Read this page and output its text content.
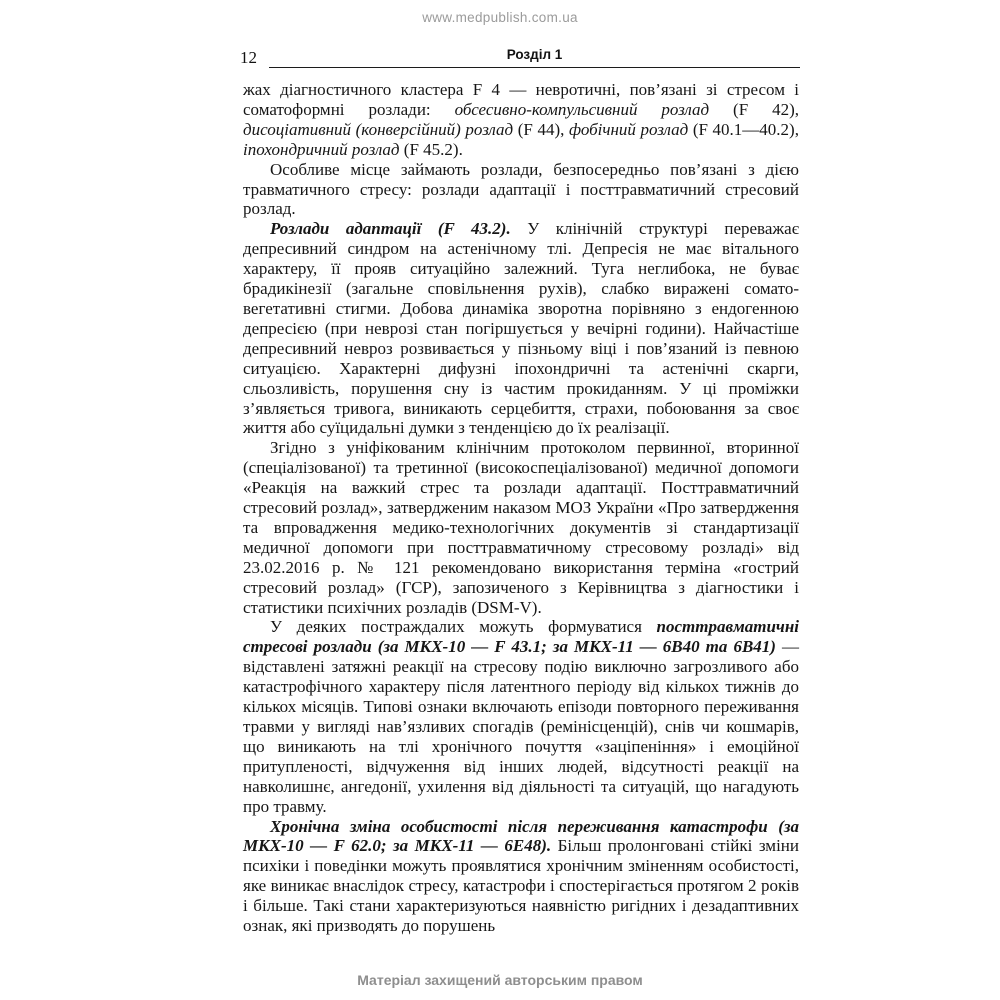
www.medpublish.com.ua
12	Розділ 1

жах діагностичного кластера F 4 — невротичні, пов’язані зі стресом і соматоформні розлади: обсесивно-компульсивний розлад (F 42), дисоціативний (конверсійний) розлад (F 44), фобічний розлад (F 40.1—40.2), іпохондричний розлад (F 45.2).

Особливе місце займають розлади, безпосередньо пов’язані з дією травматичного стресу: розлади адаптації і посттравматичний стресовий розлад.

Розлади адаптації (F 43.2). У клінічній структурі переважає депресивний синдром на астенічному тлі. Депресія не має вітального характеру, її прояв ситуаційно залежний. Туга неглибока, не буває брадикінезії (загальне сповільнення рухів), слабко виражені сомато-вегетативні стигми. Добова динаміка зворотна порівняно з ендогенною депресією (при неврозі стан погіршується у вечірні години). Найчастіше депресивний невроз розвивається у пізньому віці і пов’язаний із певною ситуацією. Характерні дифузні іпохондричні та астенічні скарги, сльозливість, порушення сну із частим прокиданням. У ці проміжки з’являється тривога, виникають серцебиття, страхи, побоювання за своє життя або суїцидальні думки з тенденцією до їх реалізації.

Згідно з уніфікованим клінічним протоколом первинної, вторинної (спеціалізованої) та третинної (високоспеціалізованої) медичної допомоги «Реакція на важкий стрес та розлади адаптації. Посттравматичний стресовий розлад», затвердженим наказом МОЗ України «Про затвердження та впровадження медико-технологічних документів зі стандартизації медичної допомоги при посттравматичному стресовому розладі» від 23.02.2016 р. № 121 рекомендовано використання терміна «гострий стресовий розлад» (ГСР), запозиченого з Керівництва з діагностики і статистики психічних розладів (DSM-V).

У деяких постраждалих можуть формуватися посттравматичні стресові розлади (за МКХ-10 — F 43.1; за МКХ-11 — 6B40 та 6B41) — відставлені затяжні реакції на стресову подію виключно загрозливого або катастрофічного характеру після латентного періоду від кількох тижнів до кількох місяців. Типові ознаки включають епізоди повторного переживання травми у вигляді нав’язливих спогадів (ремінісценцій), снів чи кошмарів, що виникають на тлі хронічного почуття «заціпеніння» і емоційної притупленості, відчуження від інших людей, відсутності реакції на навколишнє, ангедонії, ухилення від діяльності та ситуацій, що нагадують про травму.

Хронічна зміна особистості після переживання катастрофи (за МКХ-10 — F 62.0; за МКХ-11 — 6E48). Більш пролонговані стійкі зміни психіки і поведінки можуть проявлятися хронічним зміненням особистості, яке виникає внаслідок стресу, катастрофи і спостерігається протягом 2 років і більше. Такі стани характеризуються наявністю ригідних і дезадаптивних ознак, які призводять до порушень

Матеріал захищений авторським правом
